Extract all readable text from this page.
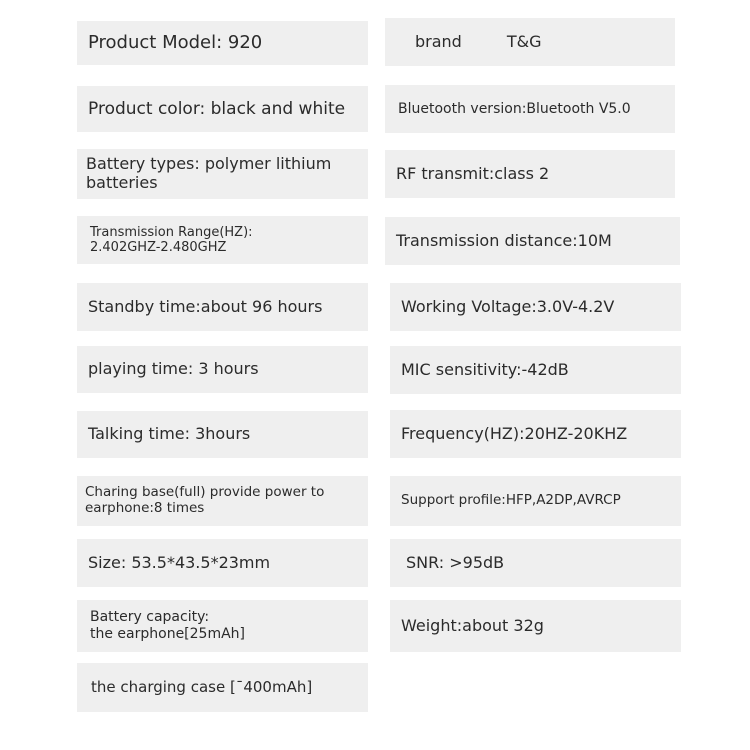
Product Model: 920
Product color: black and white
Battery types: polymer lithium
batteries
Transmission Range(HZ):
2.402GHZ-2.480GHZ
Standby time:about 96 hours
playing time: 3 hours
Talking time: 3hours
Charing base(full) provide power to
earphone:8 times
Size: 53.5*43.5*23mm
Battery capacity:
the earphone[25mAh]
the charging case [ˉ400mAh]
brand	T&G
Bluetooth version:Bluetooth V5.0
RF transmit:class 2
Transmission distance:10M
Working Voltage:3.0V-4.2V
MIC sensitivity:-42dB
Frequency(HZ):20HZ-20KHZ
Support profile:HFP,A2DP,AVRCP
SNR: >95dB
Weight:about 32g
